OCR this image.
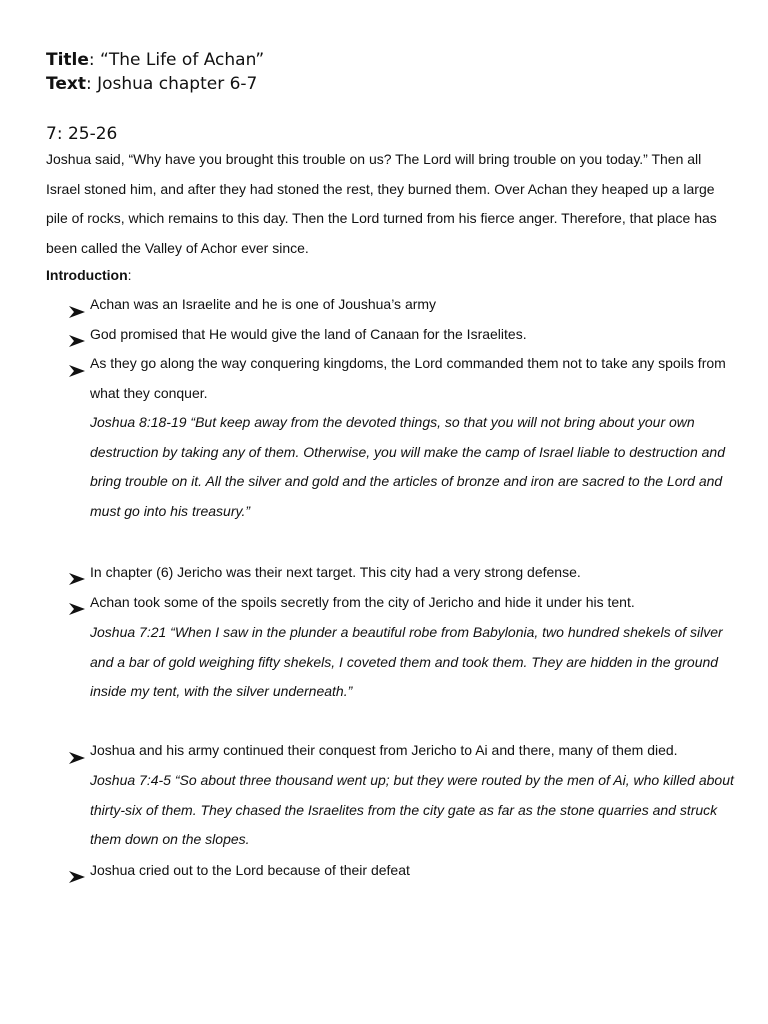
Title: “The Life of Achan”
Text: Joshua chapter 6-7
7: 25-26
Joshua said, “Why have you brought this trouble on us? The Lord will bring trouble on you today.” Then all Israel stoned him, and after they had stoned the rest, they burned them. Over Achan they heaped up a large pile of rocks, which remains to this day. Then the Lord turned from his fierce anger. Therefore, that place has been called the Valley of Achor ever since.
Introduction:
Achan was an Israelite and he is one of Joushua’s army
God promised that He would give the land of Canaan for the Israelites.
As they go along the way conquering kingdoms, the Lord commanded them not to take any spoils from what they conquer.
Joshua 8:18-19 “But keep away from the devoted things, so that you will not bring about your own destruction by taking any of them. Otherwise, you will make the camp of Israel liable to destruction and bring trouble on it. All the silver and gold and the articles of bronze and iron are sacred to the Lord and must go into his treasury.”
In chapter (6) Jericho was their next target. This city had a very strong defense.
Achan took some of the spoils secretly from the city of Jericho and hide it under his tent.
Joshua 7:21 “When I saw in the plunder a beautiful robe from Babylonia, two hundred shekels of silver and a bar of gold weighing fifty shekels, I coveted them and took them. They are hidden in the ground inside my tent, with the silver underneath.”
Joshua and his army continued their conquest from Jericho to Ai and there, many of them died.
Joshua 7:4-5 “So about three thousand went up; but they were routed by the men of Ai, who killed about thirty-six of them. They chased the Israelites from the city gate as far as the stone quarries and struck them down on the slopes.
Joshua cried out to the Lord because of their defeat
